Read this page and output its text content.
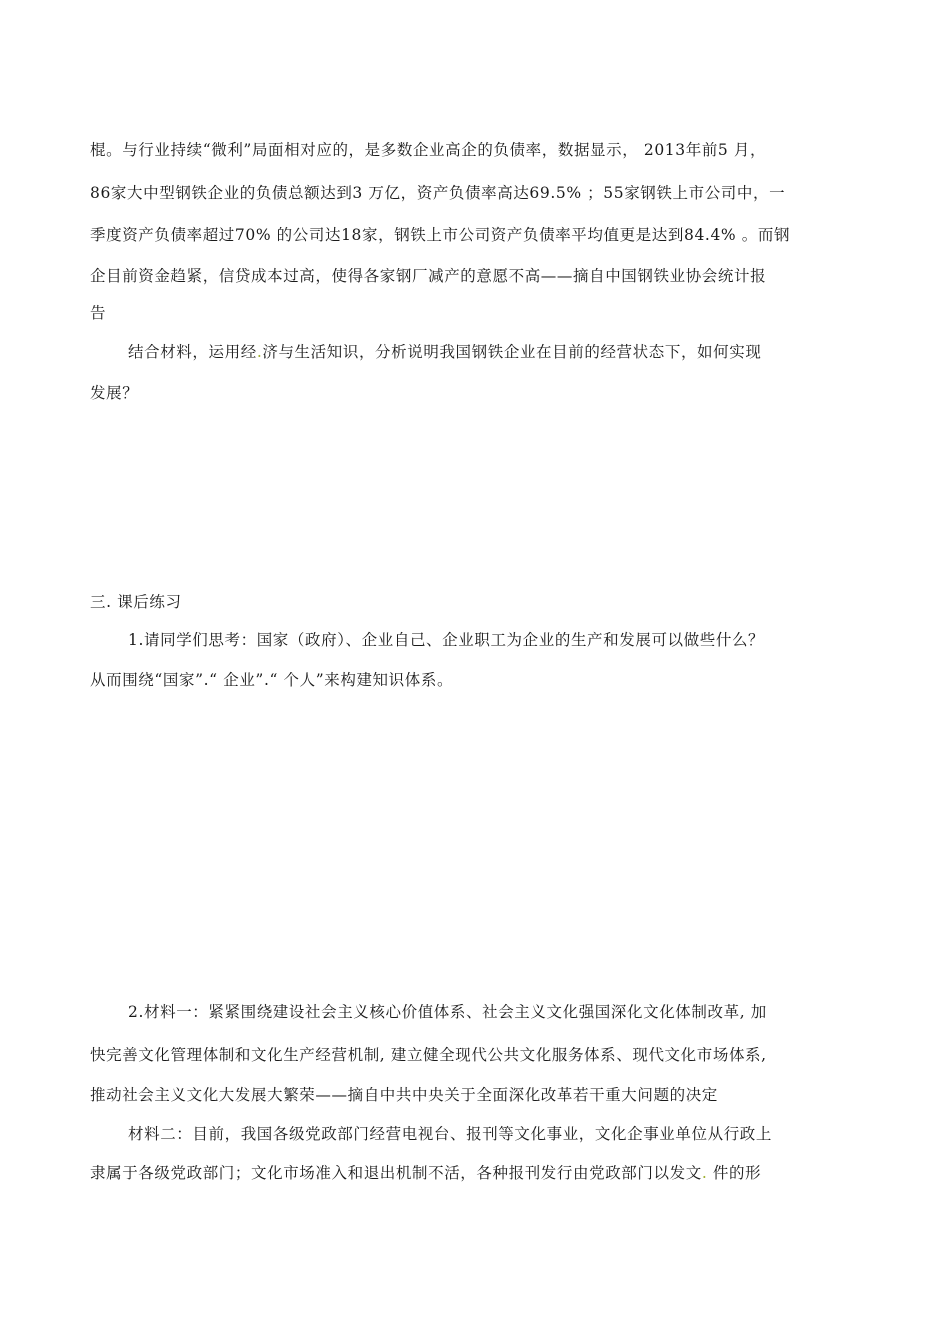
棍。与行业持续“微利”局面相对应的，是多数企业高企的负债率，数据显示， 2013年前5 月，
86家大中型钢铁企业的负债总额达到3 万亿，资产负债率高达69.5% ；55家钢铁上市公司中，一
季度资产负债率超过70% 的公司达18家，钢铁上市公司资产负债率平均值更是达到84.4% 。而钢
企目前资金趋紧，信贷成本过高，使得各家钢厂减产的意愿不高——摘自中国钢铁业协会统计报
告
结合材料，运用经.济与生活知识，分析说明我国钢铁企业在目前的经营状态下，如何实现
发展？
三. 课后练习
1.请同学们思考：国家（政府）、企业自己、企业职工为企业的生产和发展可以做些什么？
从而围绕“国家”.“ 企业”.“ 个人”来构建知识体系。
2.材料一：紧紧围绕建设社会主义核心价值体系、社会主义文化强国深化文化体制改革, 加
快完善文化管理体制和文化生产经营机制, 建立健全现代公共文化服务体系、现代文化市场体系,
推动社会主义文化大发展大繁荣——摘自中共中央关于全面深化改革若干重大问题的决定
材料二：目前，我国各级党政部门经营电视台、报刊等文化事业，文化企事业单位从行政上
隶属于各级党政部门；文化市场准入和退出机制不活，各种报刊发行由党政部门以发文. 件的形
